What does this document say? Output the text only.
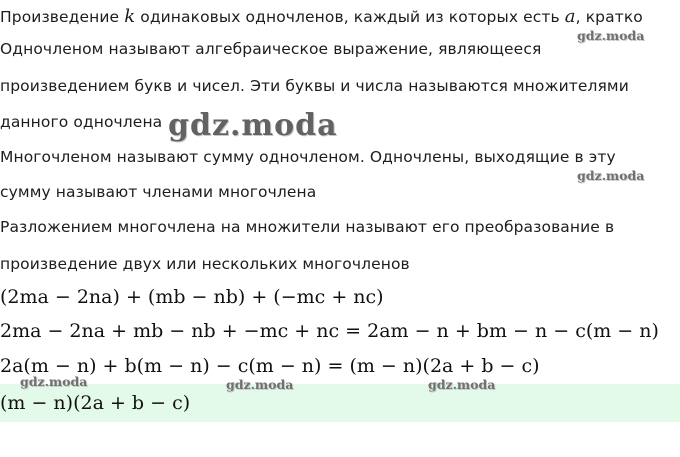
Произведение k одинаковых одночленов, каждый из которых есть a, кратко
Одночленом называют алгебраическое выражение, являющееся
произведением букв и чисел. Эти буквы и числа называются множителями
данного одночлена
Многочленом называют сумму одночленом. Одночлены, выходящие в эту
сумму называют членами многочлена
Разложением многочлена на множители называют его преобразование в
произведение двух или нескольких многочленов
(2ma − 2na) + (mb − nb) + (−mc + nc)
2ma − 2na + mb − nb + −mc + nc = 2am − n + bm − n − c(m − n)
2a(m − n) + b(m − n) − c(m − n) = (m − n)(2a + b − c)
(m − n)(2a + b − c)
gdz.moda
gdz.moda
gdz.moda
gdz.moda	gdz.moda	gdz.moda
